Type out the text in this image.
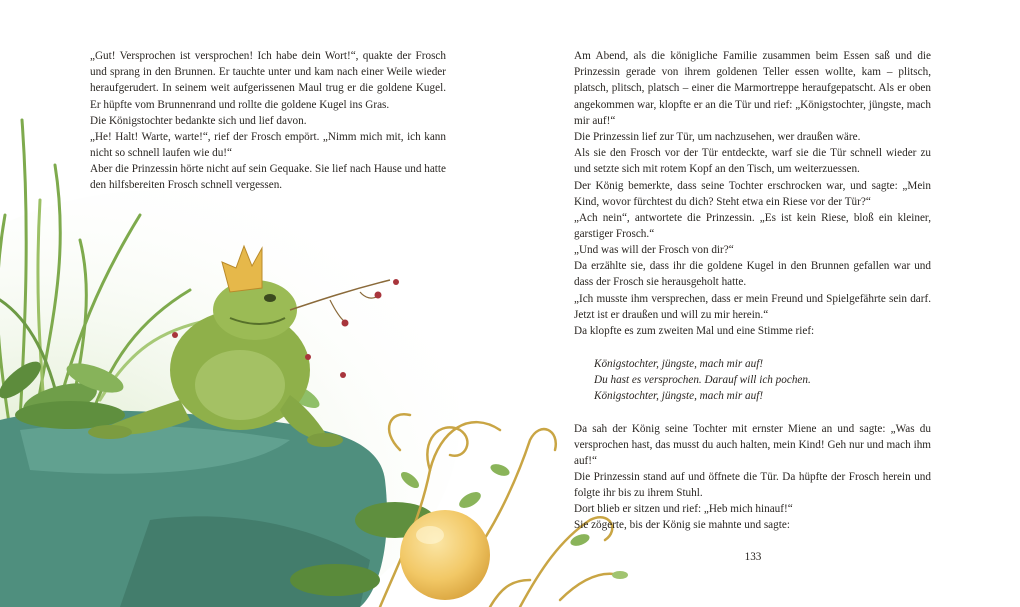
„Gut! Versprochen ist versprochen! Ich habe dein Wort!“, quakte der Frosch und sprang in den Brunnen. Er tauchte unter und kam nach einer Weile wieder heraufgerudert. In seinem weit aufgerissenen Maul trug er die goldene Kugel. Er hüpfte vom Brunnenrand und rollte die goldene Kugel ins Gras.

Die Königstochter bedankte sich und lief davon.

„He! Halt! Warte, warte!“, rief der Frosch empört. „Nimm mich mit, ich kann nicht so schnell laufen wie du!“

Aber die Prinzessin hörte nicht auf sein Gequake. Sie lief nach Hause und hatte den hilfsbereiten Frosch schnell vergessen.

Am Abend, als die königliche Familie zusammen beim Essen saß und die Prinzessin gerade von ihrem goldenen Teller essen wollte, kam – plitsch, platsch, plitsch, platsch – einer die Marmortreppe heraufgepatscht. Als er oben angekommen war, klopfte er an die Tür und rief: „Königstochter, jüngste, mach mir auf!“

Die Prinzessin lief zur Tür, um nachzusehen, wer draußen wäre.

Als sie den Frosch vor der Tür entdeckte, warf sie die Tür schnell wieder zu und setzte sich mit rotem Kopf an den Tisch, um weiterzuessen.

Der König bemerkte, dass seine Tochter erschrocken war, und sagte: „Mein Kind, wovor fürchtest du dich? Steht etwa ein Riese vor der Tür?“

„Ach nein“, antwortete die Prinzessin. „Es ist kein Riese, bloß ein kleiner, garstiger Frosch.“

„Und was will der Frosch von dir?“

Da erzählte sie, dass ihr die goldene Kugel in den Brunnen gefallen war und dass der Frosch sie herausgeholt hatte.

„Ich musste ihm versprechen, dass er mein Freund und Spielgefährte sein darf. Jetzt ist er draußen und will zu mir herein.“

Da klopfte es zum zweiten Mal und eine Stimme rief:

Königstochter, jüngste, mach mir auf!

Du hast es versprochen. Darauf will ich pochen.

Königstochter, jüngste, mach mir auf!

Da sah der König seine Tochter mit ernster Miene an und sagte: „Was du versprochen hast, das musst du auch halten, mein Kind! Geh nur und mach ihm auf!“

Die Prinzessin stand auf und öffnete die Tür. Da hüpfte der Frosch herein und folgte ihr bis zu ihrem Stuhl.

Dort blieb er sitzen und rief: „Heb mich hinauf!“

Sie zögerte, bis der König sie mahnte und sagte:

133
